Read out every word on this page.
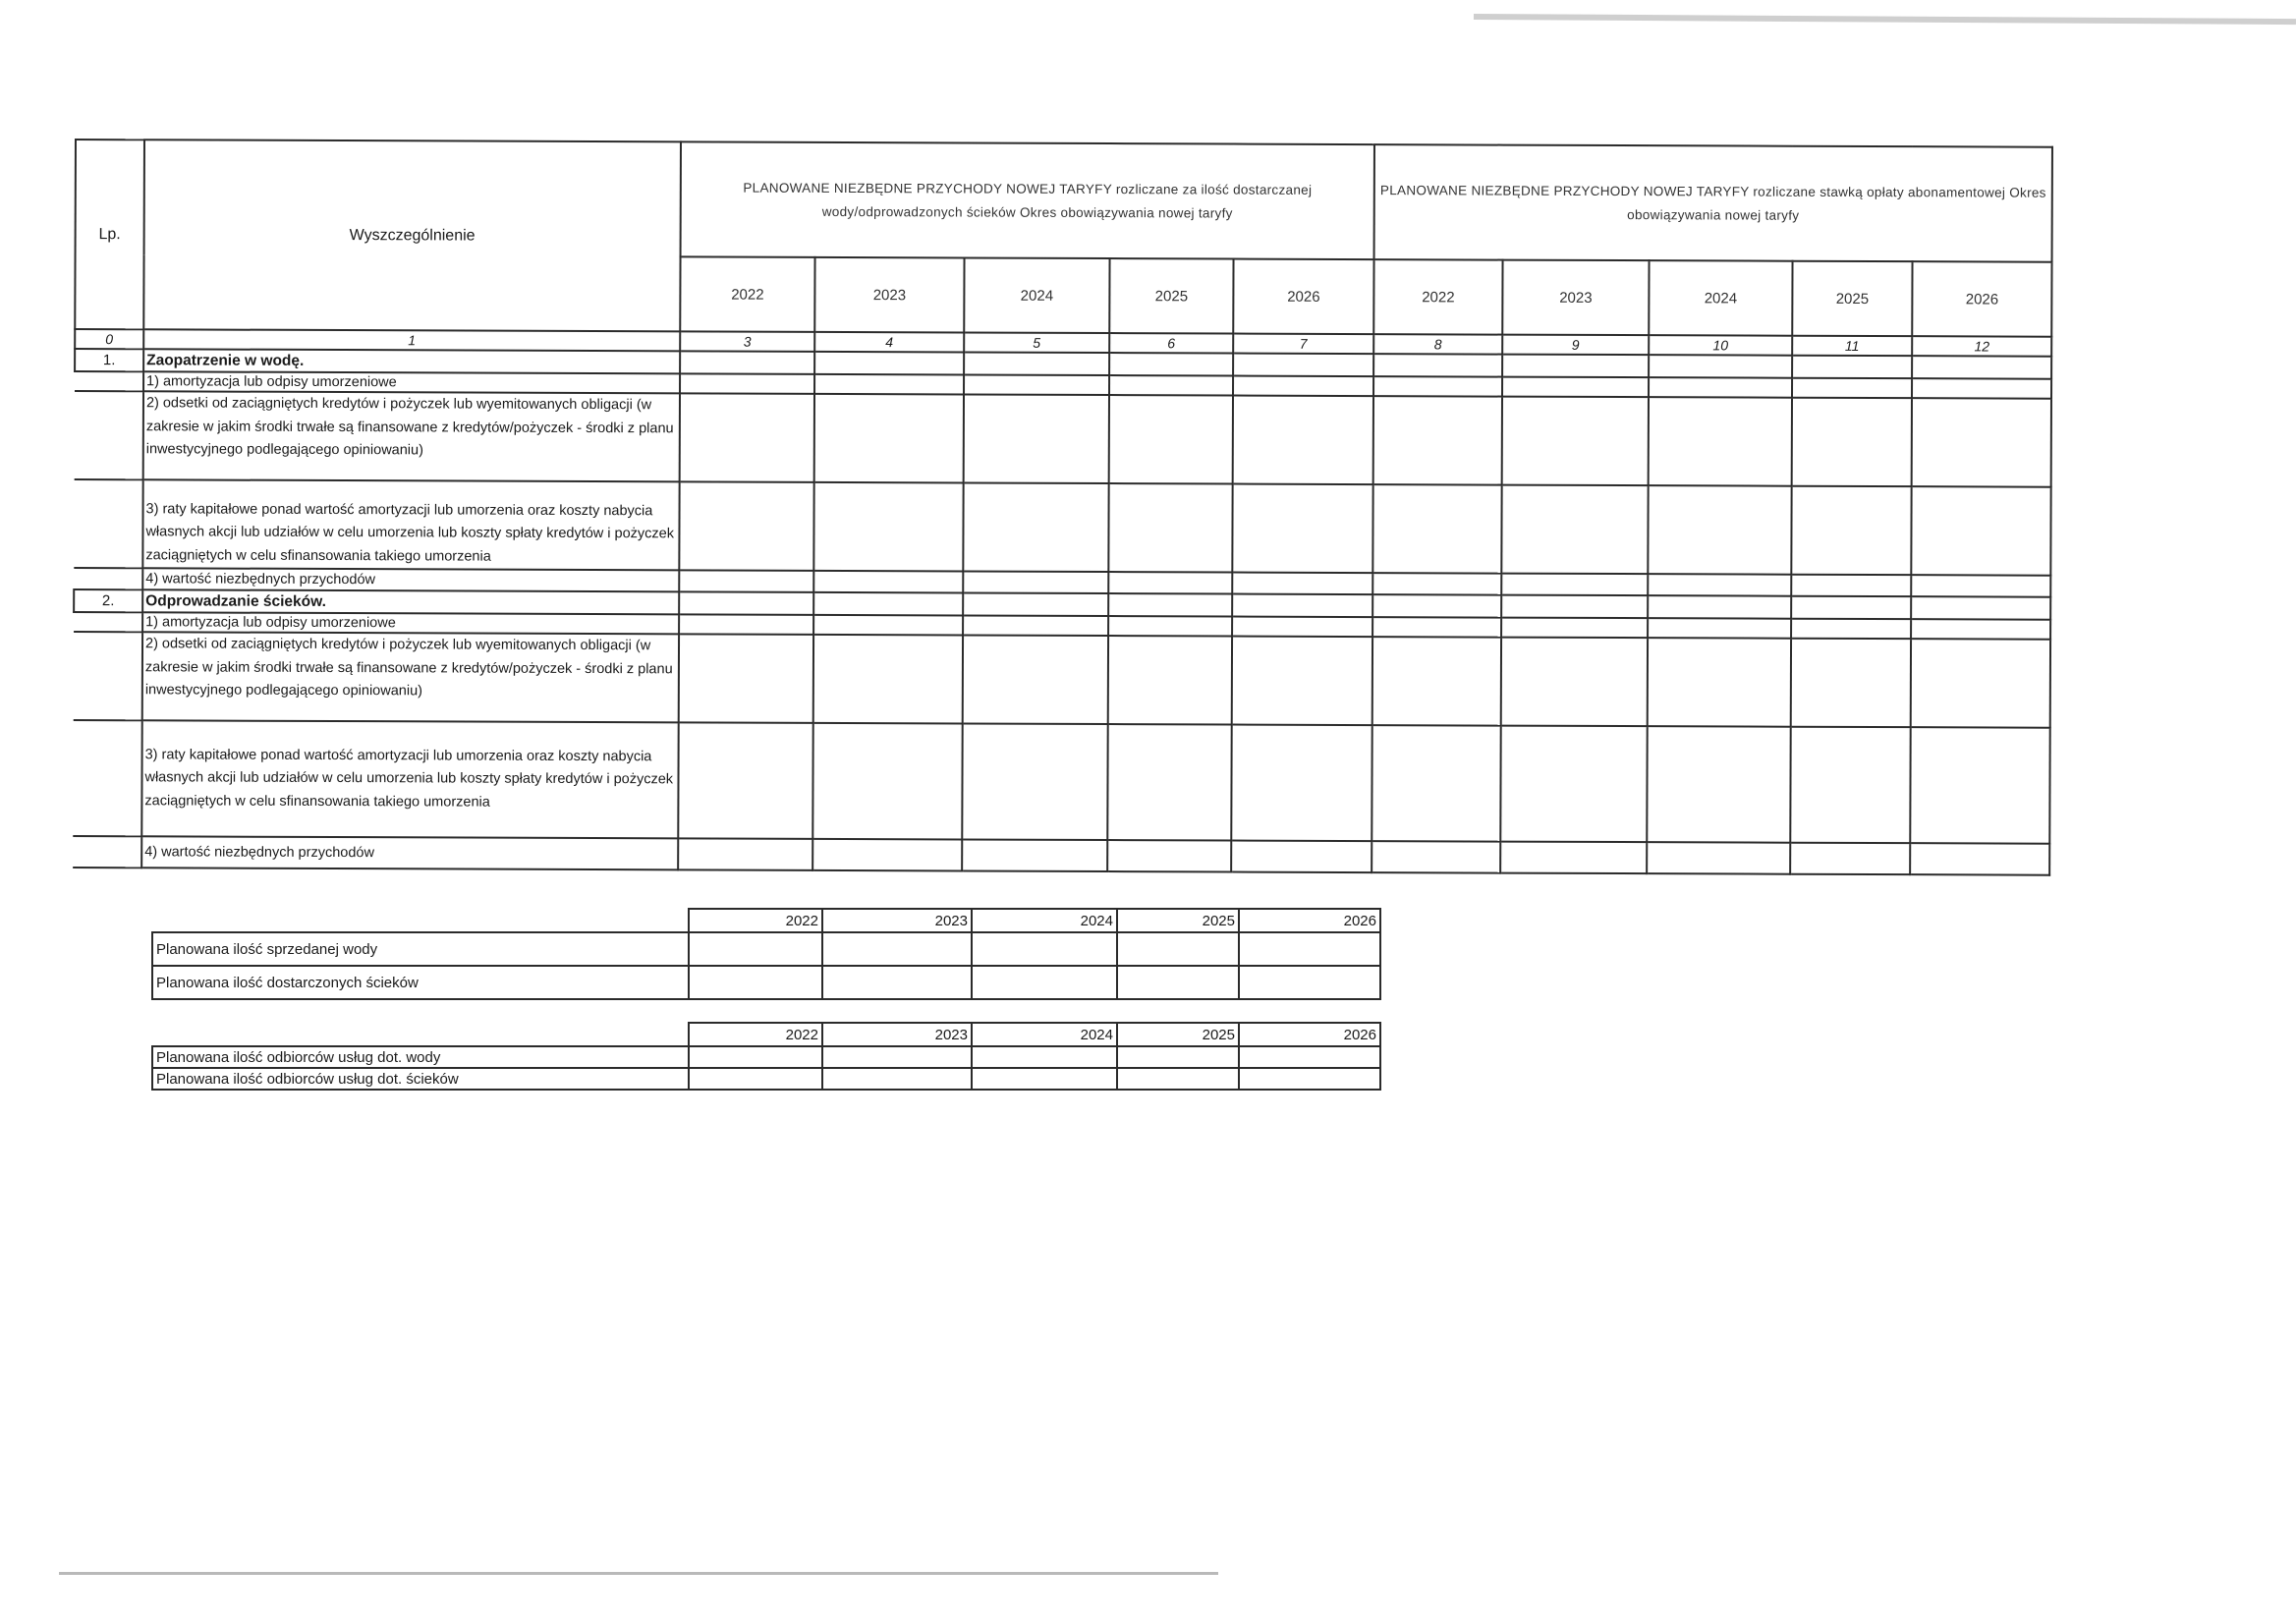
Lp.	Wyszczególnienie	PLANOWANE NIEZBĘDNE PRZYCHODY NOWEJ TARYFY rozliczane za ilość dostarczanej wody/odprowadzonych ścieków Okres obowiązywania nowej taryfy					PLANOWANE NIEZBĘDNE PRZYCHODY NOWEJ TARYFY rozliczane stawką opłaty abonamentowej Okres obowiązywania nowej taryfy				
		2022	2023	2024	2025	2026	2022	2023	2024	2025	2026
0	1	3	4	5	6	7	8	9	10	11	12
1.	Zaopatrzenie w wodę.										
	1) amortyzacja lub odpisy umorzeniowe										
	2) odsetki od zaciągniętych kredytów i pożyczek lub wyemitowanych obligacji (w zakresie w jakim środki trwałe są finansowane z kredytów/pożyczek - środki z planu inwestycyjnego podlegającego opiniowaniu)										
	3) raty kapitałowe ponad wartość amortyzacji lub umorzenia oraz koszty nabycia własnych akcji lub udziałów w celu umorzenia lub koszty spłaty kredytów i pożyczek zaciągniętych w celu sfinansowania takiego umorzenia										
	4) wartość niezbędnych przychodów										
2.	Odprowadzanie ścieków.										
	1) amortyzacja lub odpisy umorzeniowe										
	2) odsetki od zaciągniętych kredytów i pożyczek lub wyemitowanych obligacji (w zakresie w jakim środki trwałe są finansowane z kredytów/pożyczek - środki z planu inwestycyjnego podlegającego opiniowaniu)										
	3) raty kapitałowe ponad wartość amortyzacji lub umorzenia oraz koszty nabycia własnych akcji lub udziałów w celu umorzenia lub koszty spłaty kredytów i pożyczek zaciągniętych w celu sfinansowania takiego umorzenia										
	4) wartość niezbędnych przychodów										
	2022	2023	2024	2025	2026
Planowana ilość sprzedanej wody					
Planowana ilość dostarczonych ścieków					
	2022	2023	2024	2025	2026
Planowana ilość odbiorców usług dot. wody					
Planowana ilość odbiorców usług dot. ścieków					
